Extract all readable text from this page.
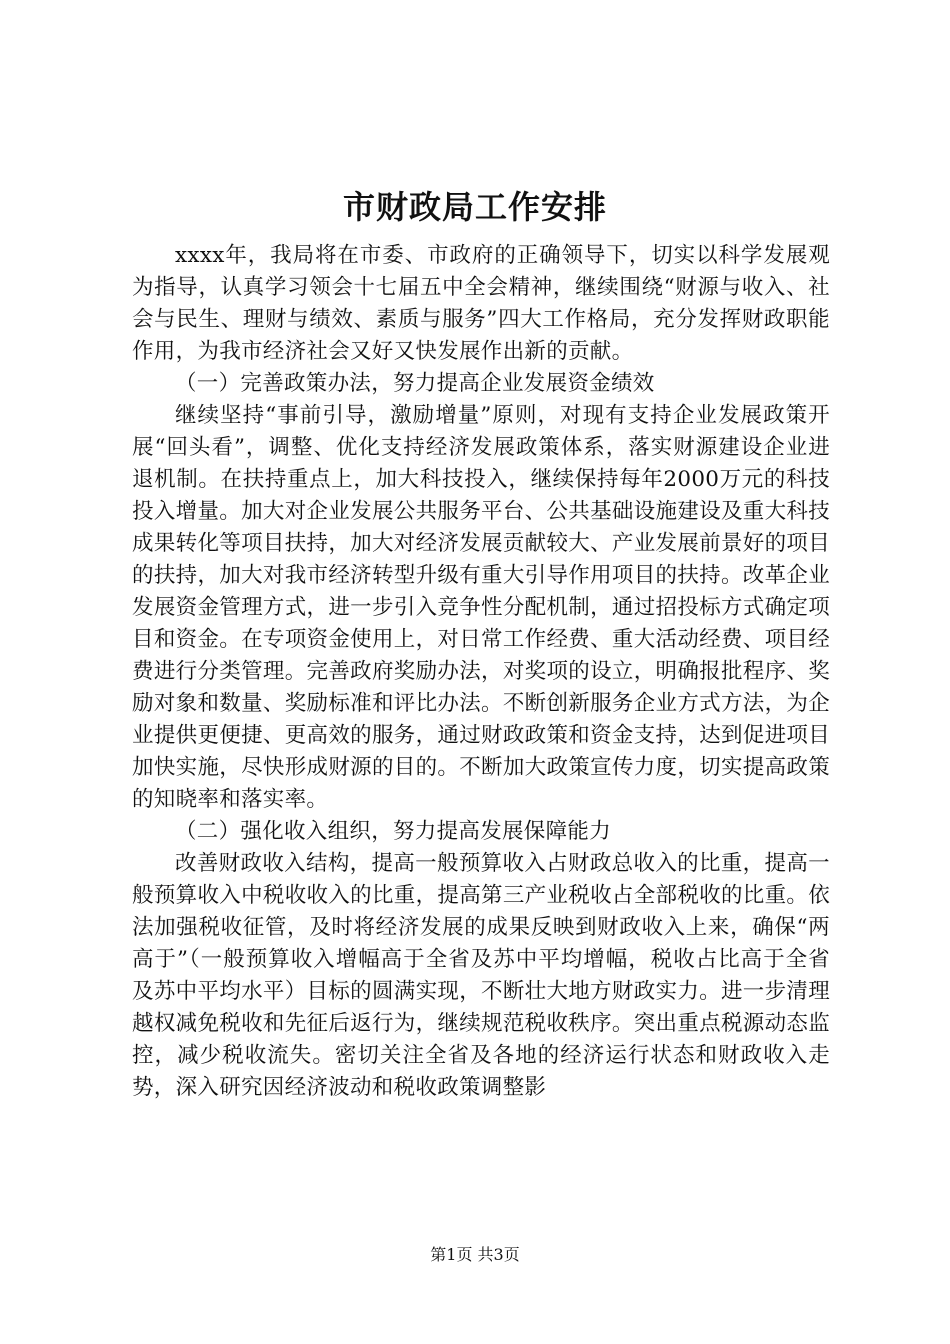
市财政局工作安排

xxxx年，我局将在市委、市政府的正确领导下，切实以科学发展观为指导，认真学习领会十七届五中全会精神，继续围绕“财源与收入、社会与民生、理财与绩效、素质与服务”四大工作格局，充分发挥财政职能作用，为我市经济社会又好又快发展作出新的贡献。

（一）完善政策办法，努力提高企业发展资金绩效

继续坚持“事前引导，激励增量”原则，对现有支持企业发展政策开展“回头看”，调整、优化支持经济发展政策体系，落实财源建设企业进退机制。在扶持重点上，加大科技投入，继续保持每年2000万元的科技投入增量。加大对企业发展公共服务平台、公共基础设施建设及重大科技成果转化等项目扶持，加大对经济发展贡献较大、产业发展前景好的项目的扶持，加大对我市经济转型升级有重大引导作用项目的扶持。改革企业发展资金管理方式，进一步引入竞争性分配机制，通过招投标方式确定项目和资金。在专项资金使用上，对日常工作经费、重大活动经费、项目经费进行分类管理。完善政府奖励办法，对奖项的设立，明确报批程序、奖励对象和数量、奖励标准和评比办法。不断创新服务企业方式方法，为企业提供更便捷、更高效的服务，通过财政政策和资金支持，达到促进项目加快实施，尽快形成财源的目的。不断加大政策宣传力度，切实提高政策的知晓率和落实率。

（二）强化收入组织，努力提高发展保障能力

改善财政收入结构，提高一般预算收入占财政总收入的比重，提高一般预算收入中税收收入的比重，提高第三产业税收占全部税收的比重。依法加强税收征管，及时将经济发展的成果反映到财政收入上来，确保“两高于”（一般预算收入增幅高于全省及苏中平均增幅，税收占比高于全省及苏中平均水平）目标的圆满实现，不断壮大地方财政实力。进一步清理越权减免税收和先征后返行为，继续规范税收秩序。突出重点税源动态监控，减少税收流失。密切关注全省及各地的经济运行状态和财政收入走势，深入研究因经济波动和税收政策调整影

第1页 共3页
